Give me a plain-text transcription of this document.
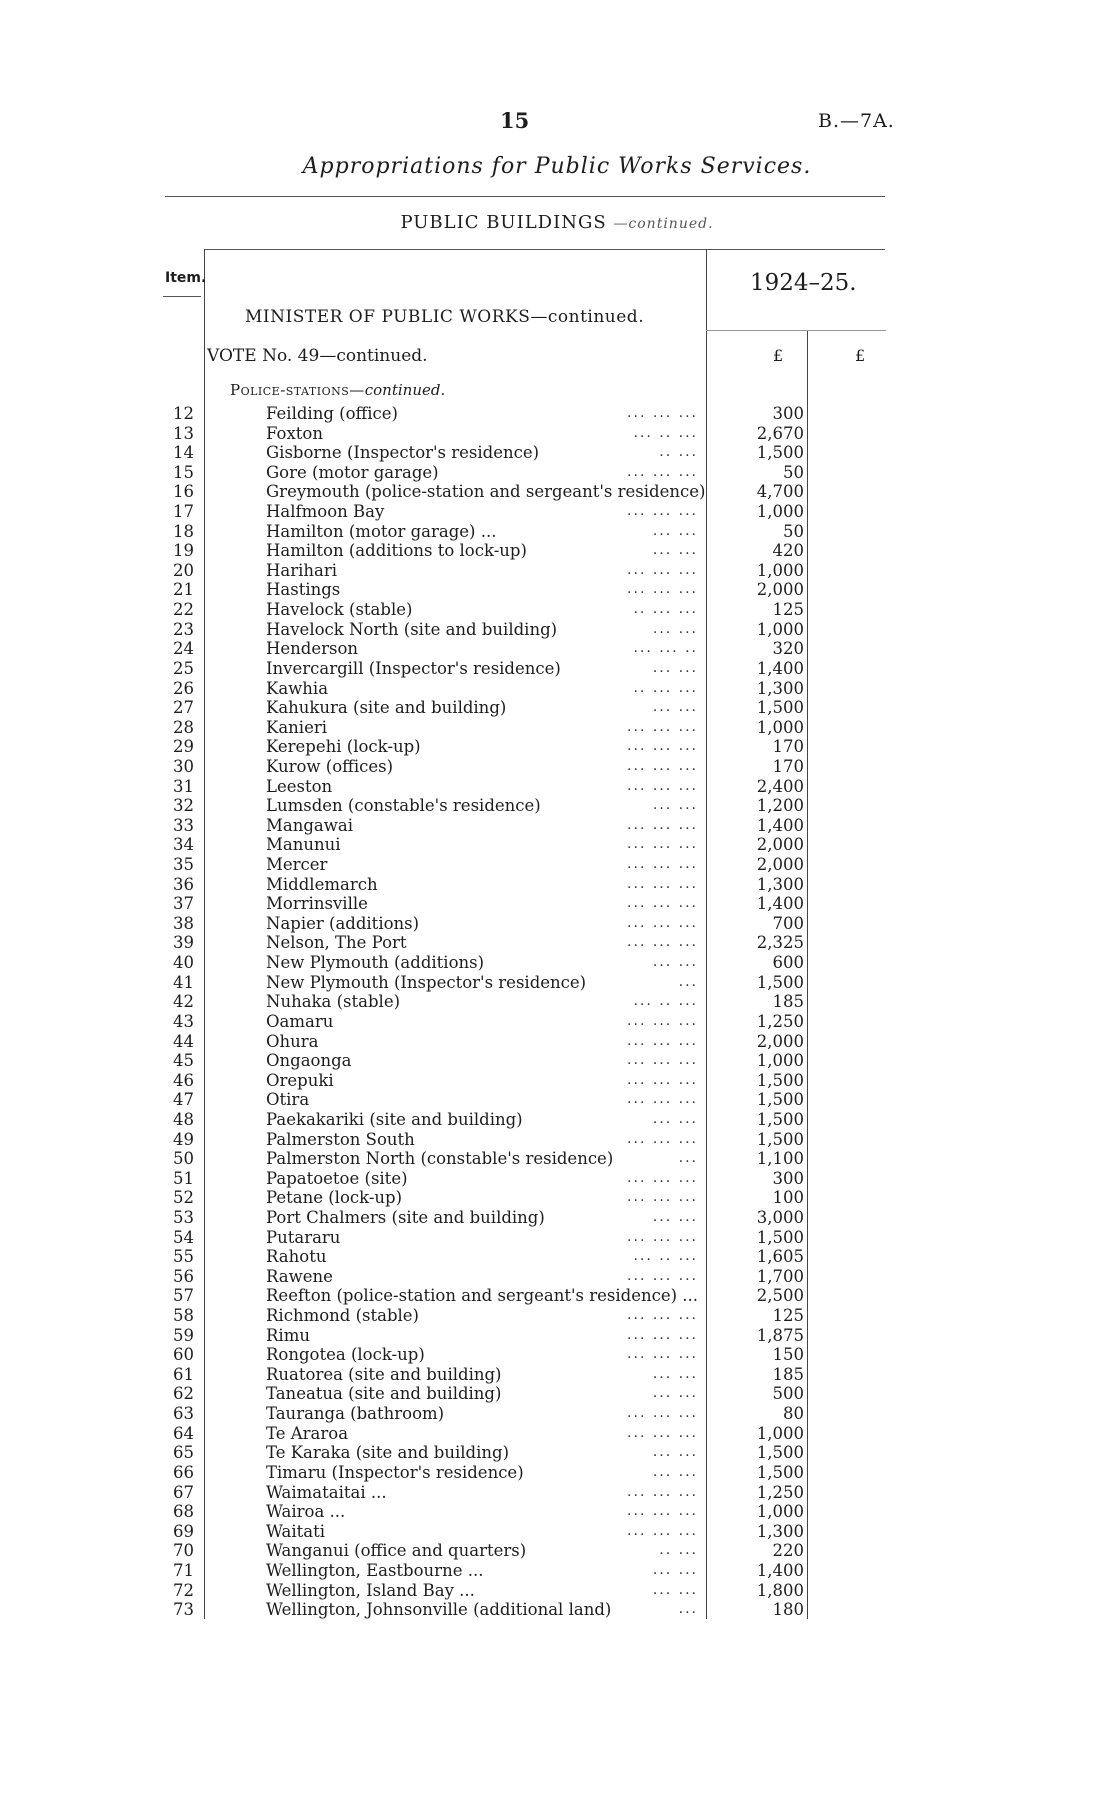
15	B.—7A.
Appropriations for Public Works Services.
PUBLIC BUILDINGS —continued.
Item.	1924–25.
MINISTER OF PUBLIC WORKS—continued.
VOTE No. 49—continued.	£	£
Police-stations—continued.
12	Feilding (office)	... ... ...	300
13	Foxton	... .. ...	2,670
14	Gisborne (Inspector's residence)	.. ...	1,500
15	Gore (motor garage)	... ... ...	50
16	Greymouth (police-station and sergeant's residence)	4,700
17	Halfmoon Bay	... ... ...	1,000
18	Hamilton (motor garage) ...	... ...	50
19	Hamilton (additions to lock-up)	... ...	420
20	Harihari	... ... ...	1,000
21	Hastings	... ... ...	2,000
22	Havelock (stable)	.. ... ...	125
23	Havelock North (site and building)	... ...	1,000
24	Henderson	... ... ..	320
25	Invercargill (Inspector's residence)	... ...	1,400
26	Kawhia	.. ... ...	1,300
27	Kahukura (site and building)	... ...	1,500
28	Kanieri	... ... ...	1,000
29	Kerepehi (lock-up)	... ... ...	170
30	Kurow (offices)	... ... ...	170
31	Leeston	... ... ...	2,400
32	Lumsden (constable's residence)	... ...	1,200
33	Mangawai	... ... ...	1,400
34	Manunui	... ... ...	2,000
35	Mercer	... ... ...	2,000
36	Middlemarch	... ... ...	1,300
37	Morrinsville	... ... ...	1,400
38	Napier (additions)	... ... ...	700
39	Nelson, The Port	... ... ...	2,325
40	New Plymouth (additions)	... ...	600
41	New Plymouth (Inspector's residence)	...	1,500
42	Nuhaka (stable)	... .. ...	185
43	Oamaru	... ... ...	1,250
44	Ohura	... ... ...	2,000
45	Ongaonga	... ... ...	1,000
46	Orepuki	... ... ...	1,500
47	Otira	... ... ...	1,500
48	Paekakariki (site and building)	... ...	1,500
49	Palmerston South	... ... ...	1,500
50	Palmerston North (constable's residence)	...	1,100
51	Papatoetoe (site)	... ... ...	300
52	Petane (lock-up)	... ... ...	100
53	Port Chalmers (site and building)	... ...	3,000
54	Putararu	... ... ...	1,500
55	Rahotu	... .. ...	1,605
56	Rawene	... ... ...	1,700
57	Reefton (police-station and sergeant's residence) ...	2,500
58	Richmond (stable)	... ... ...	125
59	Rimu	... ... ...	1,875
60	Rongotea (lock-up)	... ... ...	150
61	Ruatorea (site and building)	... ...	185
62	Taneatua (site and building)	... ...	500
63	Tauranga (bathroom)	... ... ...	80
64	Te Araroa	... ... ...	1,000
65	Te Karaka (site and building)	... ...	1,500
66	Timaru (Inspector's residence)	... ...	1,500
67	Waimataitai ...	... ... ...	1,250
68	Wairoa ...	... ... ...	1,000
69	Waitati	... ... ...	1,300
70	Wanganui (office and quarters)	.. ...	220
71	Wellington, Eastbourne ...	... ...	1,400
72	Wellington, Island Bay ...	... ...	1,800
73	Wellington, Johnsonville (additional land)	...	180
